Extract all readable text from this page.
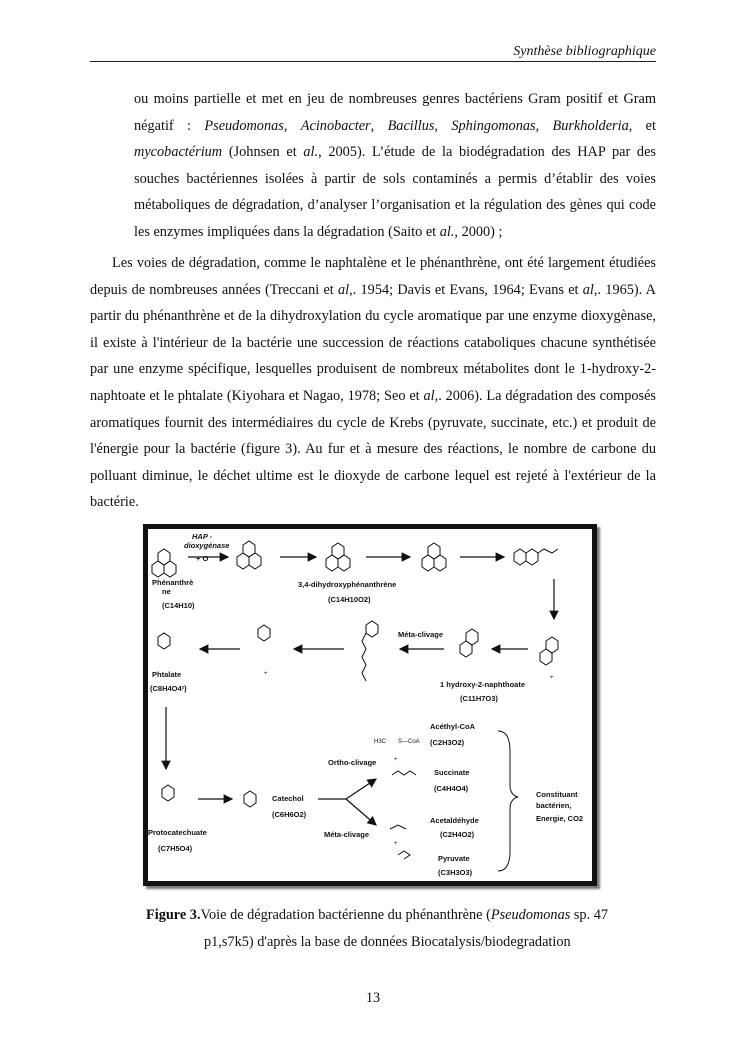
Synthèse bibliographique

ou moins partielle et met en jeu de nombreuses genres bactériens Gram positif et Gram négatif : Pseudomonas, Acinobacter, Bacillus, Sphingomonas, Burkholderia, et mycobactérium (Johnsen et al., 2005). L’étude de la biodégradation des HAP par des souches bactériennes isolées à partir de sols contaminés a permis d’établir des voies métaboliques de dégradation, d’analyser l’organisation et la régulation des gènes qui code les enzymes impliquées dans la dégradation (Saito et al., 2000) ;

Les voies de dégradation, comme le naphtalène et le phénanthrène, ont été largement étudiées depuis de nombreuses années (Treccani et al,. 1954; Davis et Evans, 1964; Evans et al,. 1965). A partir du phénanthrène et de la dihydroxylation du cycle aromatique par une enzyme dioxygènase, il existe à l'intérieur de la bactérie une succession de réactions cataboliques chacune synthétisée par une enzyme spécifique, lesquelles produisent de nombreux métabolites dont le 1-hydroxy-2-naphtoate et le phtalate (Kiyohara et Nagao, 1978; Seo et al,. 2006). La dégradation des composés aromatiques fournit des intermédiaires du cycle de Krebs (pyruvate, succinate, etc.) et produit de l'énergie pour la bactérie (figure 3). Au fur et à mesure des réactions, le nombre de carbone du polluant diminue, le déchet ultime est le dioxyde de carbone lequel est rejeté à l'extérieur de la bactérie.

HAP -
dioxygénase
+ O
Phénanthrè
ne
(C14H10)
3,4-dihydroxyphénanthrène
(C14H10O2)
Méta-clivage
1 hydroxy-2-naphthoate
(C11H7O3)
Phtalate
(C8H4O4²)
Acéthyl-CoA
(C2H3O2)
Ortho-clivage
Succinate
(C4H4O4)
Catechol
(C6H6O2)
Constituant
bactérien,
Energie, CO2
Acetaldéhyde
(C2H4O2)
Méta-clivage
Protocatechuate
(C7H5O4)
Pyruvate
(C3H3O3)
H3C S—CoA
+
+
+
+
Figure 3.Voie de dégradation bactérienne du phénanthrène (Pseudomonas sp. 47
p1,s7k5) d'après la base de données Biocatalysis/biodegradation
13
